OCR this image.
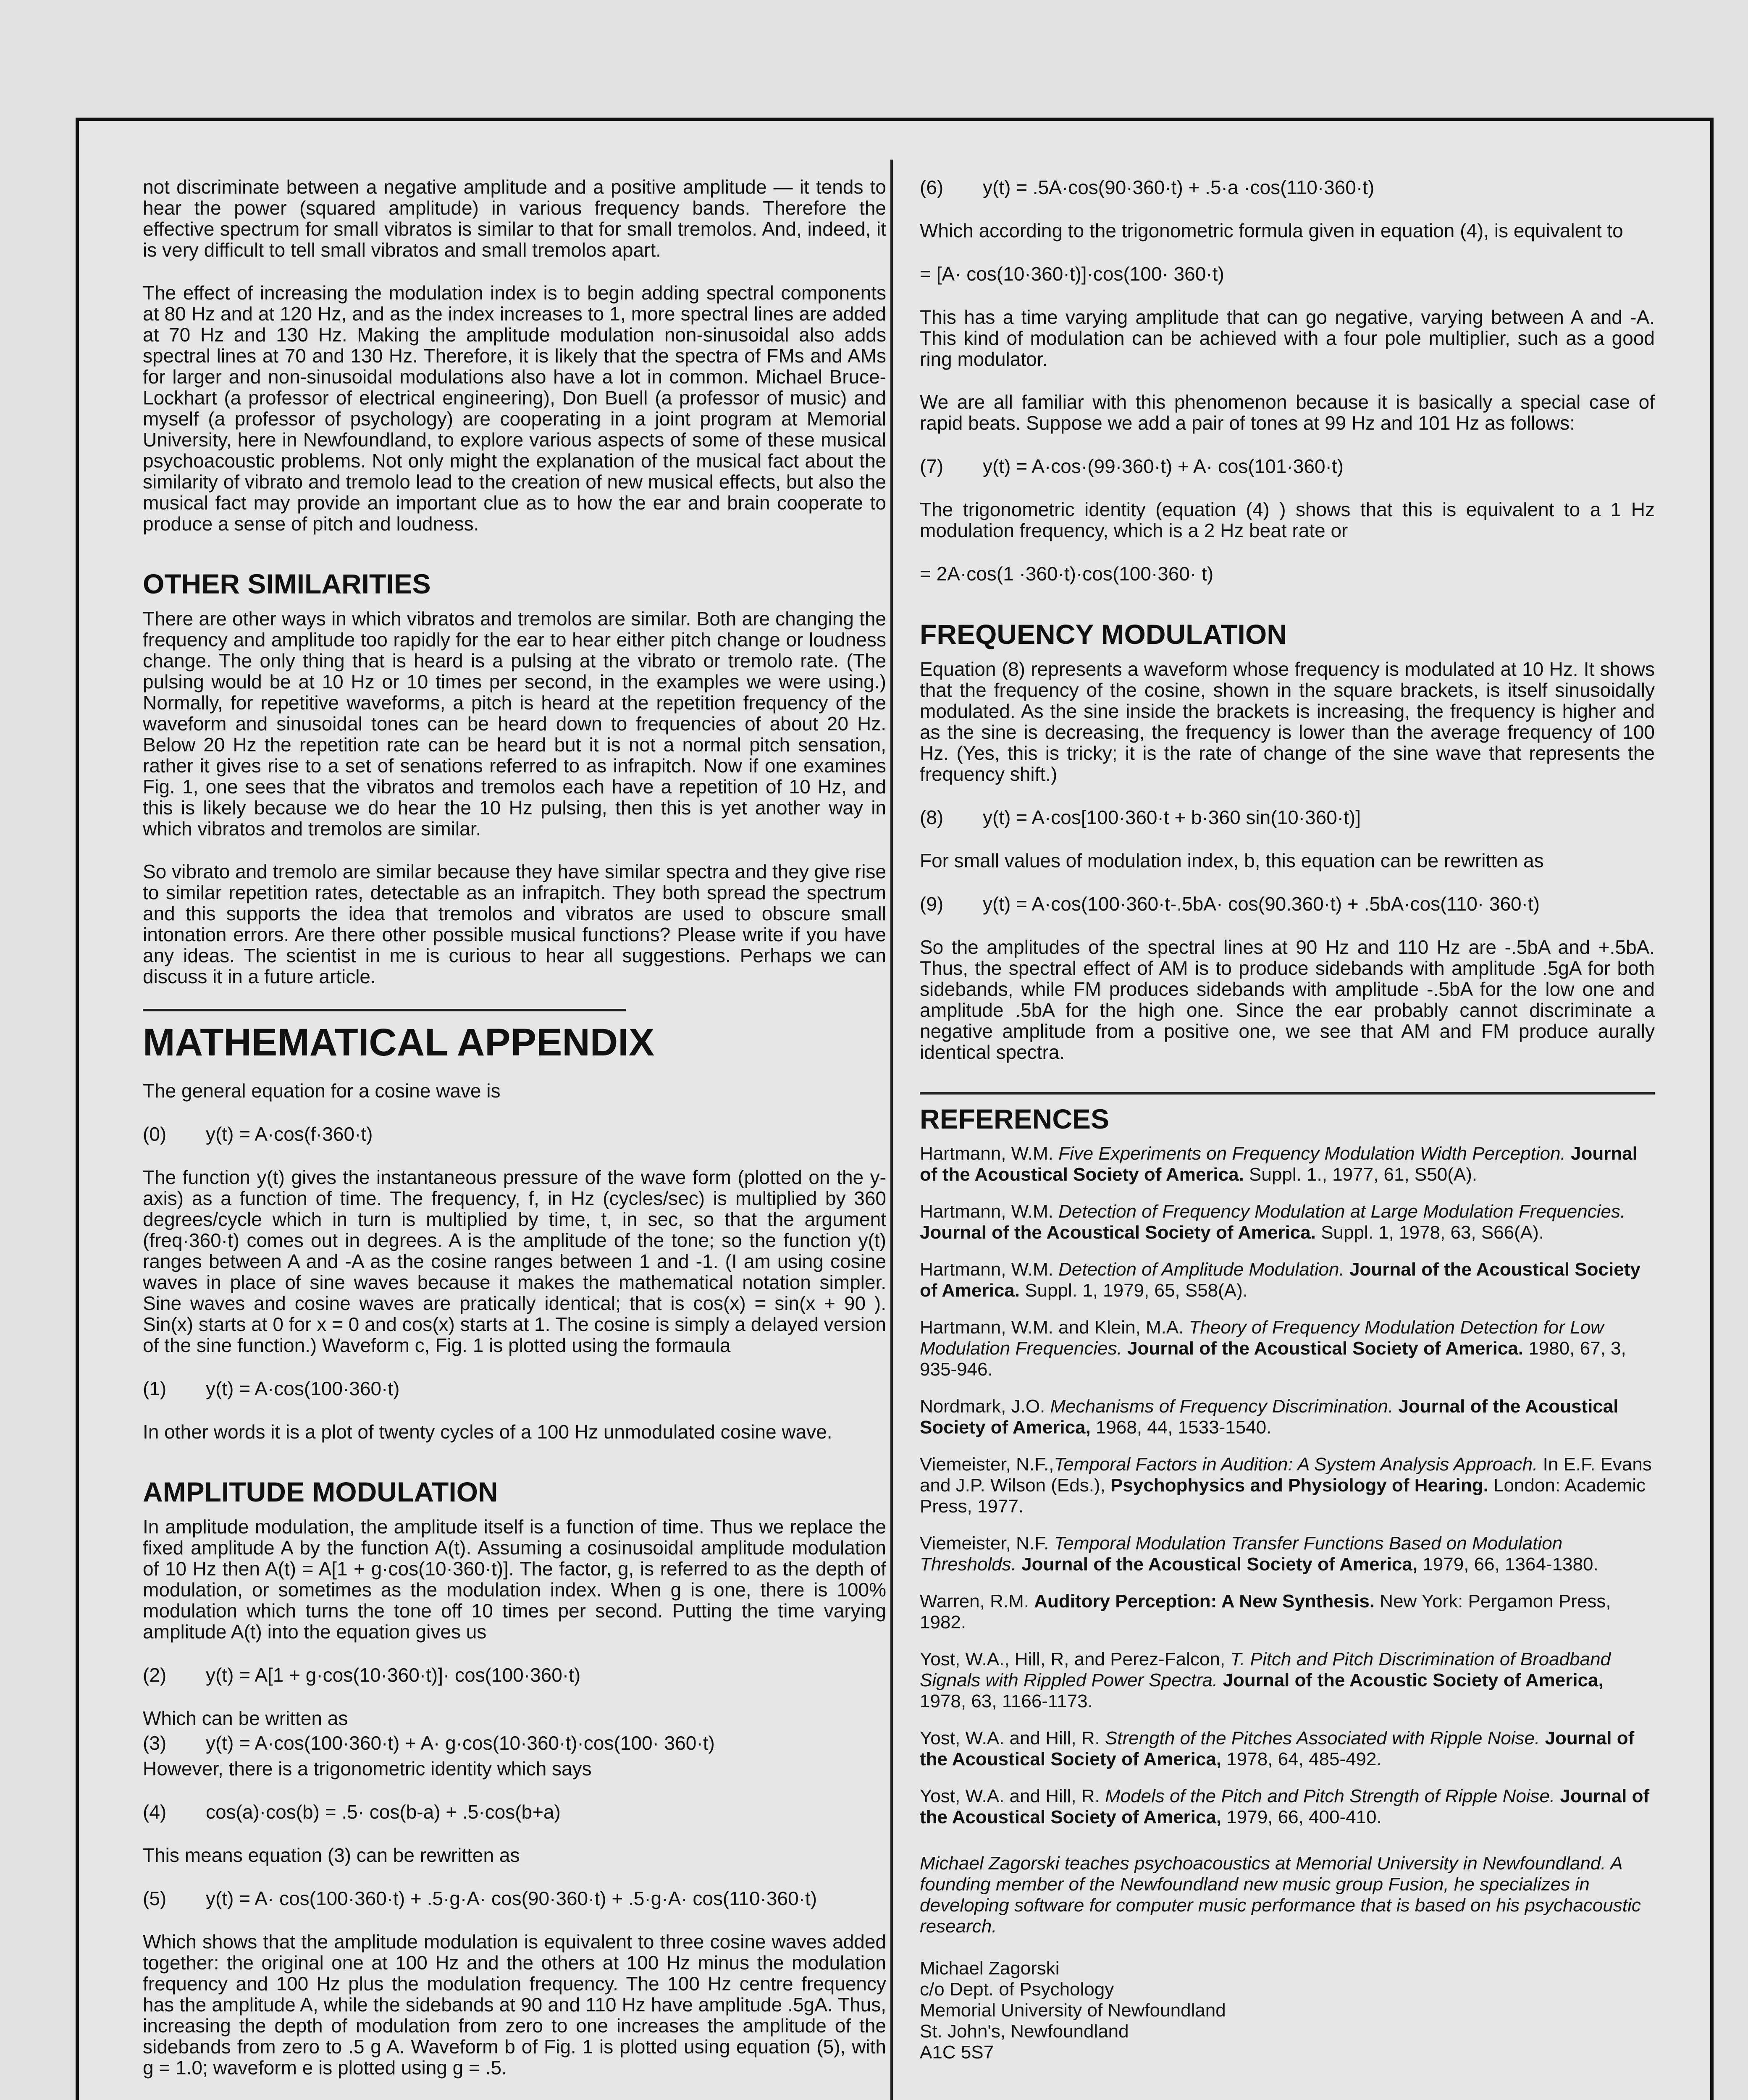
not discriminate between a negative amplitude and a positive amplitude — it tends to hear the power (squared amplitude) in various frequency bands. Therefore the effective spectrum for small vibratos is similar to that for small tremolos. And, indeed, it is very difficult to tell small vibratos and small tremolos apart.

The effect of increasing the modulation index is to begin adding spectral components at 80 Hz and at 120 Hz, and as the index increases to 1, more spectral lines are added at 70 Hz and 130 Hz. Making the amplitude modulation non-sinusoidal also adds spectral lines at 70 and 130 Hz. Therefore, it is likely that the spectra of FMs and AMs for larger and non-sinusoidal modulations also have a lot in common. Michael Bruce-Lockhart (a professor of electrical engineering), Don Buell (a professor of music) and myself (a professor of psychology) are cooperating in a joint program at Memorial University, here in Newfoundland, to explore various aspects of some of these musical psychoacoustic problems. Not only might the explanation of the musical fact about the similarity of vibrato and tremolo lead to the creation of new musical effects, but also the musical fact may provide an important clue as to how the ear and brain cooperate to produce a sense of pitch and loudness.

OTHER SIMILARITIES

There are other ways in which vibratos and tremolos are similar. Both are changing the frequency and amplitude too rapidly for the ear to hear either pitch change or loudness change. The only thing that is heard is a pulsing at the vibrato or tremolo rate. (The pulsing would be at 10 Hz or 10 times per second, in the examples we were using.) Normally, for repetitive waveforms, a pitch is heard at the repetition frequency of the waveform and sinusoidal tones can be heard down to frequencies of about 20 Hz. Below 20 Hz the repetition rate can be heard but it is not a normal pitch sensation, rather it gives rise to a set of senations referred to as infrapitch. Now if one examines Fig. 1, one sees that the vibratos and tremolos each have a repetition of 10 Hz, and this is likely because we do hear the 10 Hz pulsing, then this is yet another way in which vibratos and tremolos are similar.

So vibrato and tremolo are similar because they have similar spectra and they give rise to similar repetition rates, detectable as an infrapitch. They both spread the spectrum and this supports the idea that tremolos and vibratos are used to obscure small intonation errors. Are there other possible musical functions? Please write if you have any ideas. The scientist in me is curious to hear all suggestions. Perhaps we can discuss it in a future article.

MATHEMATICAL APPENDIX

The general equation for a cosine wave is

(0)	y(t) = A·cos(f·360·t)

The function y(t) gives the instantaneous pressure of the wave form (plotted on the y-axis) as a function of time. The frequency, f, in Hz (cycles/sec) is multiplied by 360 degrees/cycle which in turn is multiplied by time, t, in sec, so that the argument (freq·360·t) comes out in degrees. A is the amplitude of the tone; so the function y(t) ranges between A and -A as the cosine ranges between 1 and -1. (I am using cosine waves in place of sine waves because it makes the mathematical notation simpler. Sine waves and cosine waves are pratically identical; that is cos(x) = sin(x + 90 ). Sin(x) starts at 0 for x = 0 and cos(x) starts at 1. The cosine is simply a delayed version of the sine function.) Waveform c, Fig. 1 is plotted using the formaula

(1)	y(t) = A·cos(100·360·t)

In other words it is a plot of twenty cycles of a 100 Hz unmodulated cosine wave.

AMPLITUDE MODULATION

In amplitude modulation, the amplitude itself is a function of time. Thus we replace the fixed amplitude A by the function A(t). Assuming a cosinusoidal amplitude modulation of 10 Hz then A(t) = A[1 + g·cos(10·360·t)]. The factor, g, is referred to as the depth of modulation, or sometimes as the modulation index. When g is one, there is 100% modulation which turns the tone off 10 times per second. Putting the time varying amplitude A(t) into the equation gives us

(2)	y(t) = A[1 + g·cos(10·360·t)]· cos(100·360·t)

Which can be written as

(3)	y(t) = A·cos(100·360·t) + A· g·cos(10·360·t)·cos(100· 360·t)

However, there is a trigonometric identity which says

(4)	cos(a)·cos(b) = .5· cos(b-a) + .5·cos(b+a)

This means equation (3) can be rewritten as

(5)	y(t) = A· cos(100·360·t) + .5·g·A· cos(90·360·t) + .5·g·A· cos(110·360·t)

Which shows that the amplitude modulation is equivalent to three cosine waves added together: the original one at 100 Hz and the others at 100 Hz minus the modulation frequency and 100 Hz plus the modulation frequency. The 100 Hz centre frequency has the amplitude A, while the sidebands at 90 and 110 Hz have amplitude .5gA. Thus, increasing the depth of modulation from zero to one increases the amplitude of the sidebands from zero to .5 g A. Waveform b of Fig. 1 is plotted using equation (5), with g = 1.0; waveform e is plotted using g = .5.

(6)	y(t) = .5A·cos(90·360·t) + .5·a ·cos(110·360·t)

Which according to the trigonometric formula given in equation (4), is equivalent to

= [A· cos(10·360·t)]·cos(100· 360·t)

This has a time varying amplitude that can go negative, varying between A and -A. This kind of modulation can be achieved with a four pole multiplier, such as a good ring modulator.

We are all familiar with this phenomenon because it is basically a special case of rapid beats. Suppose we add a pair of tones at 99 Hz and 101 Hz as follows:

(7)	y(t) = A·cos·(99·360·t) + A· cos(101·360·t)

The trigonometric identity (equation (4) ) shows that this is equivalent to a 1 Hz modulation frequency, which is a 2 Hz beat rate or

= 2A·cos(1 ·360·t)·cos(100·360· t)
FREQUENCY MODULATION

Equation (8) represents a waveform whose frequency is modulated at 10 Hz. It shows that the frequency of the cosine, shown in the square brackets, is itself sinusoidally modulated. As the sine inside the brackets is increasing, the frequency is higher and as the sine is decreasing, the frequency is lower than the average frequency of 100 Hz. (Yes, this is tricky; it is the rate of change of the sine wave that represents the frequency shift.)

(8)	y(t) = A·cos[100·360·t + b·360 sin(10·360·t)]

For small values of modulation index, b, this equation can be rewritten as

(9)	y(t) = A·cos(100·360·t-.5bA· cos(90.360·t) + .5bA·cos(110· 360·t)

So the amplitudes of the spectral lines at 90 Hz and 110 Hz are -.5bA and +.5bA. Thus, the spectral effect of AM is to produce sidebands with amplitude .5gA for both sidebands, while FM produces sidebands with amplitude -.5bA for the low one and amplitude .5bA for the high one. Since the ear probably cannot discriminate a negative amplitude from a positive one, we see that AM and FM produce aurally identical spectra.

REFERENCES

Hartmann, W.M. Five Experiments on Frequency Modulation Width Perception. Journal of the Acoustical Society of America. Suppl. 1., 1977, 61, S50(A).

Hartmann, W.M. Detection of Frequency Modulation at Large Modulation Frequencies. Journal of the Acoustical Society of America. Suppl. 1, 1978, 63, S66(A).

Hartmann, W.M. Detection of Amplitude Modulation. Journal of the Acoustical Society of America. Suppl. 1, 1979, 65, S58(A).

Hartmann, W.M. and Klein, M.A. Theory of Frequency Modulation Detection for Low Modulation Frequencies. Journal of the Acoustical Society of America. 1980, 67, 3, 935-946.

Nordmark, J.O. Mechanisms of Frequency Discrimination. Journal of the Acoustical Society of America, 1968, 44, 1533-1540.

Viemeister, N.F.,Temporal Factors in Audition: A System Analysis Approach. In E.F. Evans and J.P. Wilson (Eds.), Psychophysics and Physiology of Hearing. London: Academic Press, 1977.

Viemeister, N.F. Temporal Modulation Transfer Functions Based on Modulation Thresholds. Journal of the Acoustical Society of America, 1979, 66, 1364-1380.

Warren, R.M. Auditory Perception: A New Synthesis. New York: Pergamon Press, 1982.

Yost, W.A., Hill, R, and Perez-Falcon, T. Pitch and Pitch Discrimination of Broadband Signals with Rippled Power Spectra. Journal of the Acoustic Society of America, 1978, 63, 1166-1173.

Yost, W.A. and Hill, R. Strength of the Pitches Associated with Ripple Noise. Journal of the Acoustical Society of America, 1978, 64, 485-492.

Yost, W.A. and Hill, R. Models of the Pitch and Pitch Strength of Ripple Noise. Journal of the Acoustical Society of America, 1979, 66, 400-410.

Michael Zagorski teaches psychoacoustics at Memorial University in Newfoundland. A founding member of the Newfoundland new music group Fusion, he specializes in developing software for computer music performance that is based on his psychacoustic research.

Michael Zagorski
c/o Dept. of Psychology
Memorial University of Newfoundland
St. John's, Newfoundland
A1C 5S7
